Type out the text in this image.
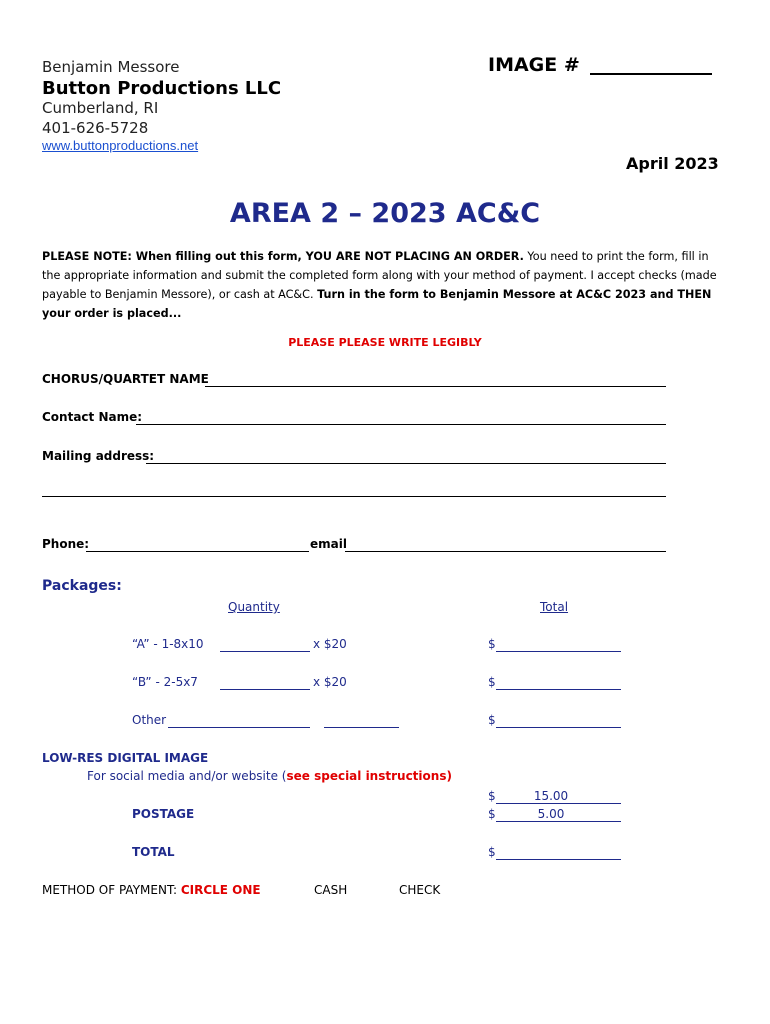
Benjamin Messore
Button Productions LLC
Cumberland, RI
401-626-5728
www.buttonproductions.net
IMAGE #
April 2023
AREA 2 – 2023 AC&C
PLEASE NOTE: When filling out this form, YOU ARE NOT PLACING AN ORDER. You need to print the form, fill in the appropriate information and submit the completed form along with your method of payment. I accept checks (made payable to Benjamin Messore), or cash at AC&C. Turn in the form to Benjamin Messore at AC&C 2023 and THEN your order is placed...
PLEASE PLEASE WRITE LEGIBLY
CHORUS/QUARTET NAME
Contact Name:
Mailing address:
Phone:	email
Packages:
Quantity	Total
“A” - 1-8x10	x $20	$
“B” - 2-5x7	x $20	$
Other	$
LOW-RES DIGITAL IMAGE
For social media and/or website (see special instructions)
$	15.00
POSTAGE	$	5.00
TOTAL	$
METHOD OF PAYMENT: CIRCLE ONE	CASH	CHECK
